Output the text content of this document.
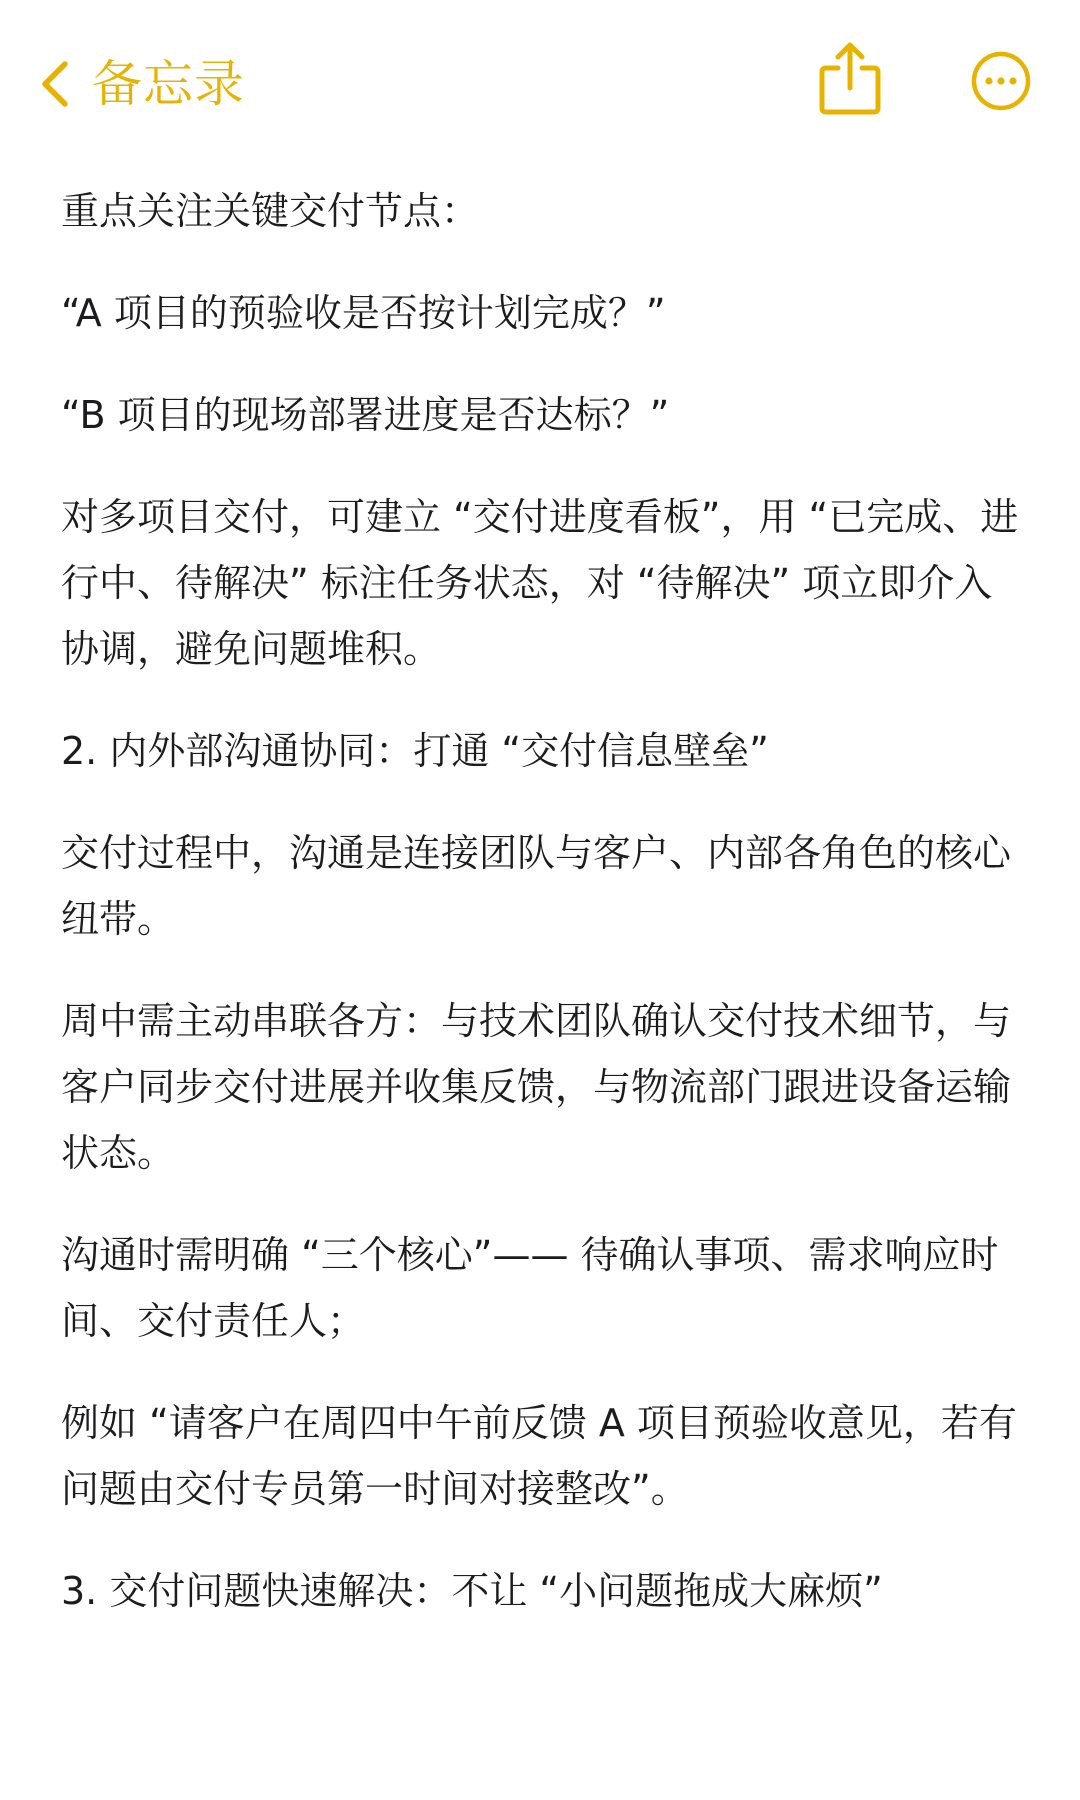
备忘录

重点关注关键交付节点：

“A 项目的预验收是否按计划完成？”

“B 项目的现场部署进度是否达标？”

对多项目交付，可建立 “交付进度看板”，用 “已完成、进行中、待解决” 标注任务状态，对 “待解决” 项立即介入协调，避免问题堆积。

2. 内外部沟通协同：打通 “交付信息壁垒”

交付过程中，沟通是连接团队与客户、内部各角色的核心纽带。

周中需主动串联各方：与技术团队确认交付技术细节，与客户同步交付进展并收集反馈，与物流部门跟进设备运输状态。

沟通时需明确 “三个核心”—— 待确认事项、需求响应时间、交付责任人；

例如 “请客户在周四中午前反馈 A 项目预验收意见，若有问题由交付专员第一时间对接整改”。

3. 交付问题快速解决：不让 “小问题拖成大麻烦”
